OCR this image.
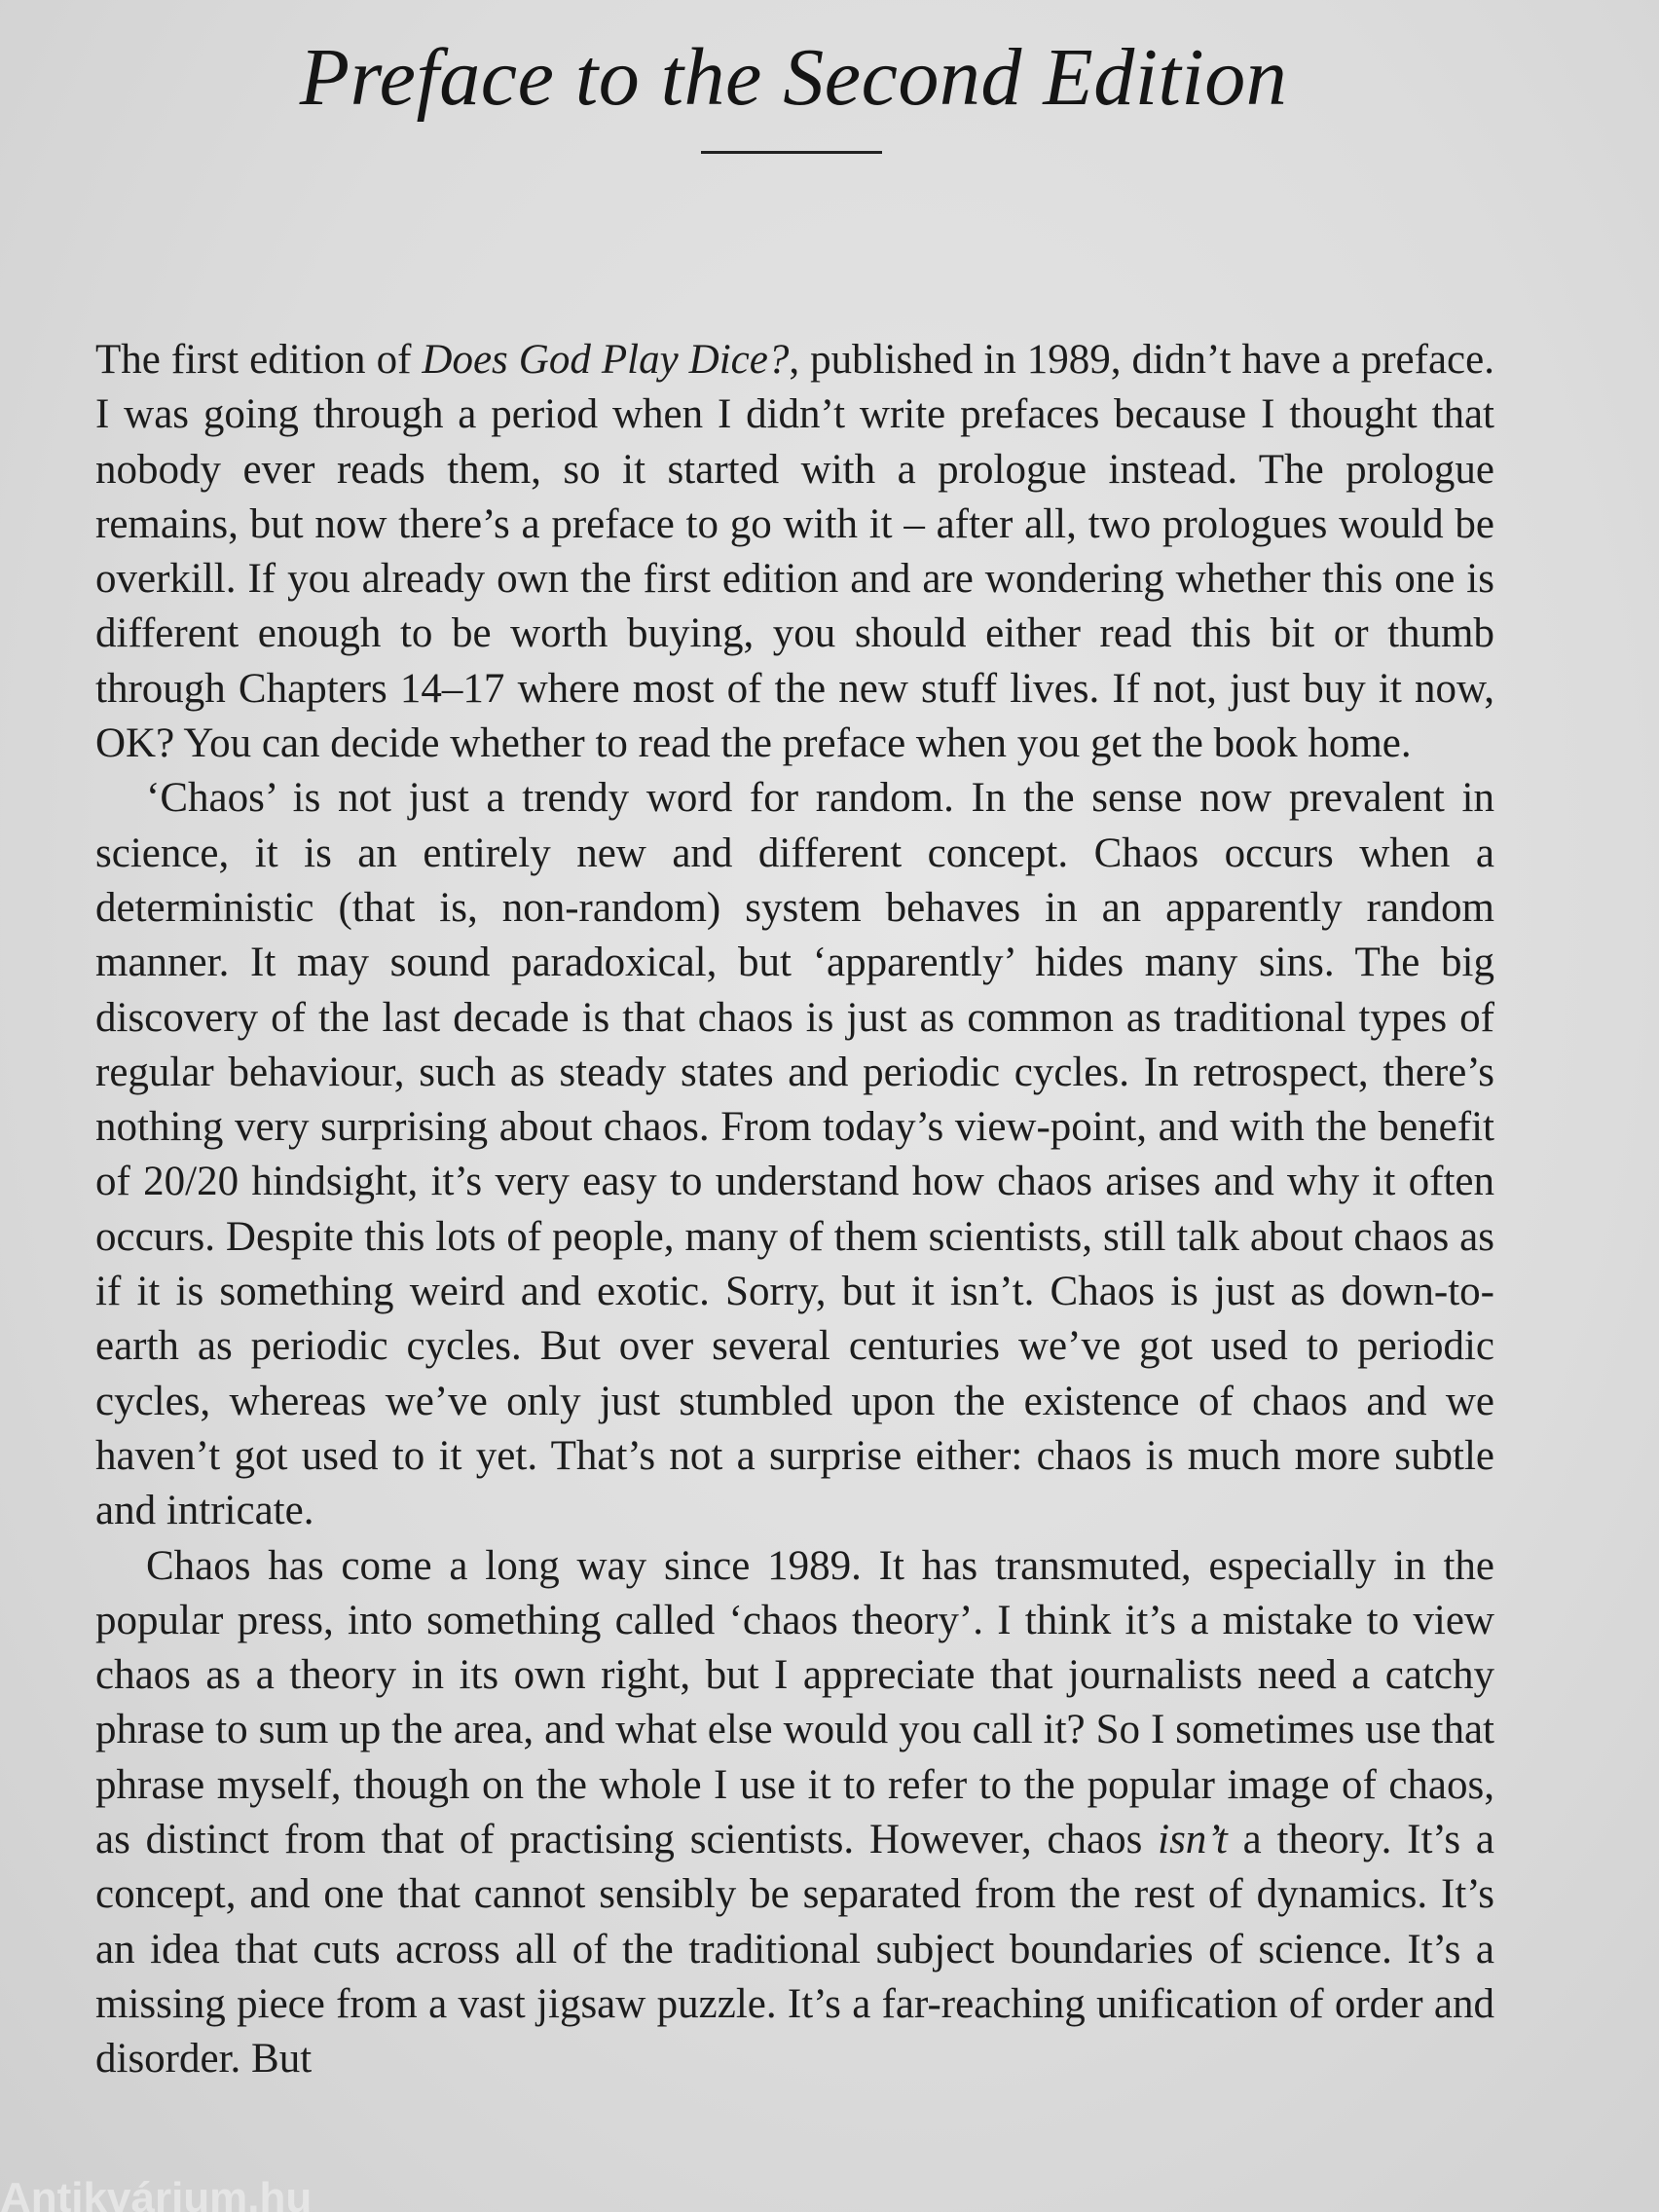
Preface to the Second Edition

The first edition of Does God Play Dice?, published in 1989, didn’t have a preface. I was going through a period when I didn’t write prefaces because I thought that nobody ever reads them, so it started with a prologue instead. The prologue remains, but now there’s a preface to go with it – after all, two prologues would be overkill. If you already own the first edition and are wondering whether this one is different enough to be worth buying, you should either read this bit or thumb through Chapters 14–17 where most of the new stuff lives. If not, just buy it now, OK? You can decide whether to read the preface when you get the book home.

‘Chaos’ is not just a trendy word for random. In the sense now prevalent in science, it is an entirely new and different concept. Chaos occurs when a deterministic (that is, non-random) system behaves in an apparently random manner. It may sound paradoxical, but ‘apparently’ hides many sins. The big discovery of the last decade is that chaos is just as common as traditional types of regular behaviour, such as steady states and periodic cycles. In retrospect, there’s nothing very surprising about chaos. From today’s view-point, and with the benefit of 20/20 hindsight, it’s very easy to understand how chaos arises and why it often occurs. Despite this lots of people, many of them scientists, still talk about chaos as if it is something weird and exotic. Sorry, but it isn’t. Chaos is just as down-to-earth as periodic cycles. But over several centuries we’ve got used to periodic cycles, whereas we’ve only just stumbled upon the existence of chaos and we haven’t got used to it yet. That’s not a surprise either: chaos is much more subtle and intricate.

Chaos has come a long way since 1989. It has transmuted, especially in the popular press, into something called ‘chaos theory’. I think it’s a mistake to view chaos as a theory in its own right, but I appreciate that journalists need a catchy phrase to sum up the area, and what else would you call it? So I sometimes use that phrase myself, though on the whole I use it to refer to the popular image of chaos, as distinct from that of practising scientists. However, chaos isn’t a theory. It’s a concept, and one that cannot sensibly be separated from the rest of dynamics. It’s an idea that cuts across all of the traditional subject boundaries of science. It’s a missing piece from a vast jigsaw puzzle. It’s a far-reaching unification of order and disorder. But

Antikvárium.hu
